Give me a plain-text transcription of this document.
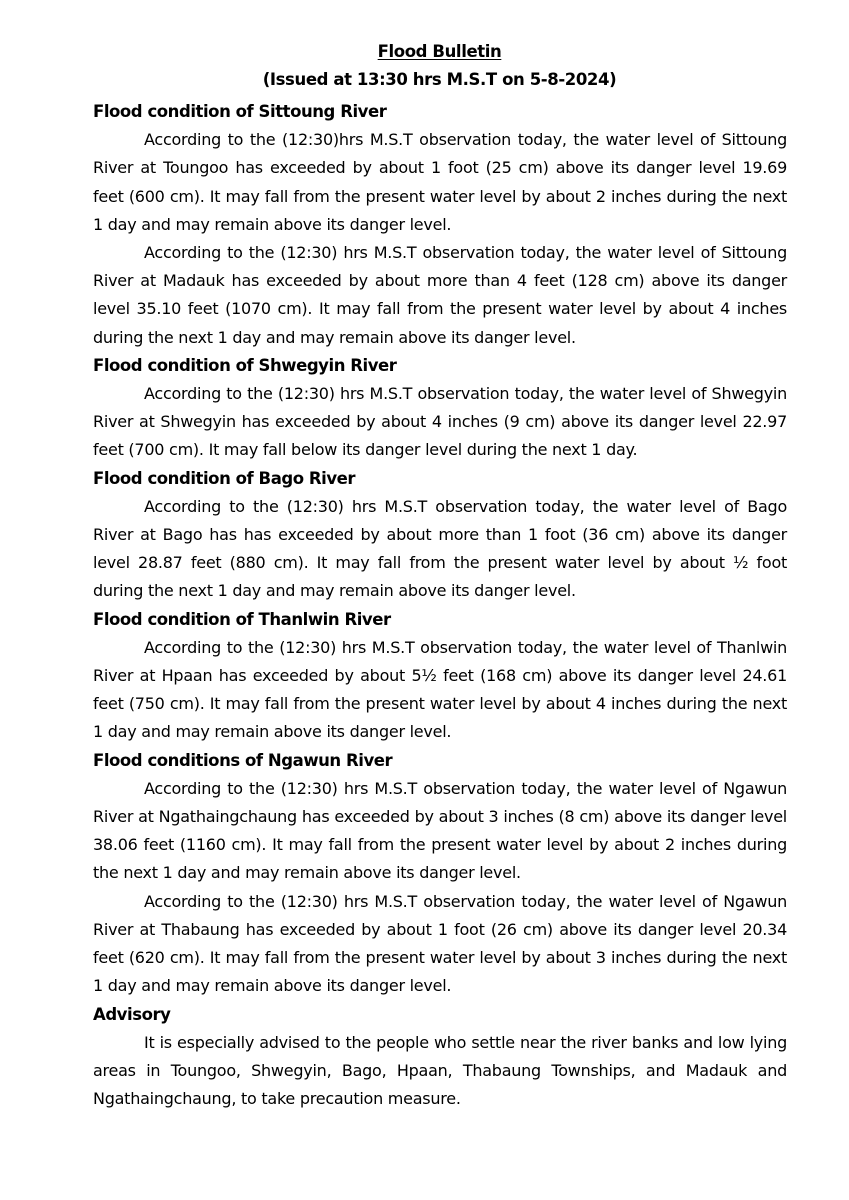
Flood Bulletin
(Issued at 13:30 hrs M.S.T on 5-8-2024)
Flood condition of Sittoung River

According to the (12:30)hrs M.S.T observation today, the water level of Sittoung River at Toungoo has exceeded by about 1 foot (25 cm) above its danger level 19.69 feet (600 cm). It may fall from the present water level by about 2 inches during the next 1 day and may remain above its danger level.

According to the (12:30) hrs M.S.T observation today, the water level of Sittoung River at Madauk has exceeded by about more than 4 feet (128 cm) above its danger level 35.10 feet (1070 cm). It may fall from the present water level by about 4 inches during the next 1 day and may remain above its danger level.

Flood condition of Shwegyin River

According to the (12:30) hrs M.S.T observation today, the water level of Shwegyin River at Shwegyin has exceeded by about 4 inches (9 cm) above its danger level 22.97 feet (700 cm). It may fall below its danger level during the next 1 day.

Flood condition of Bago River

According to the (12:30) hrs M.S.T observation today, the water level of Bago River at Bago has has exceeded by about more than 1 foot (36 cm) above its danger level 28.87 feet (880 cm). It may fall from the present water level by about ½ foot during the next 1 day and may remain above its danger level.

Flood condition of Thanlwin River

According to the (12:30) hrs M.S.T observation today, the water level of Thanlwin River at Hpaan has exceeded by about 5½ feet (168 cm) above its danger level 24.61 feet (750 cm). It may fall from the present water level by about 4 inches during the next 1 day and may remain above its danger level.

Flood conditions of Ngawun River

According to the (12:30) hrs M.S.T observation today, the water level of Ngawun River at Ngathaingchaung has exceeded by about 3 inches (8 cm) above its danger level 38.06 feet (1160 cm). It may fall from the present water level by about 2 inches during the next 1 day and may remain above its danger level.

According to the (12:30) hrs M.S.T observation today, the water level of Ngawun River at Thabaung has exceeded by about 1 foot (26 cm) above its danger level 20.34 feet (620 cm). It may fall from the present water level by about 3 inches during the next 1 day and may remain above its danger level.

Advisory

It is especially advised to the people who settle near the river banks and low lying areas in Toungoo, Shwegyin, Bago, Hpaan, Thabaung Townships, and Madauk and Ngathaingchaung, to take precaution measure.
